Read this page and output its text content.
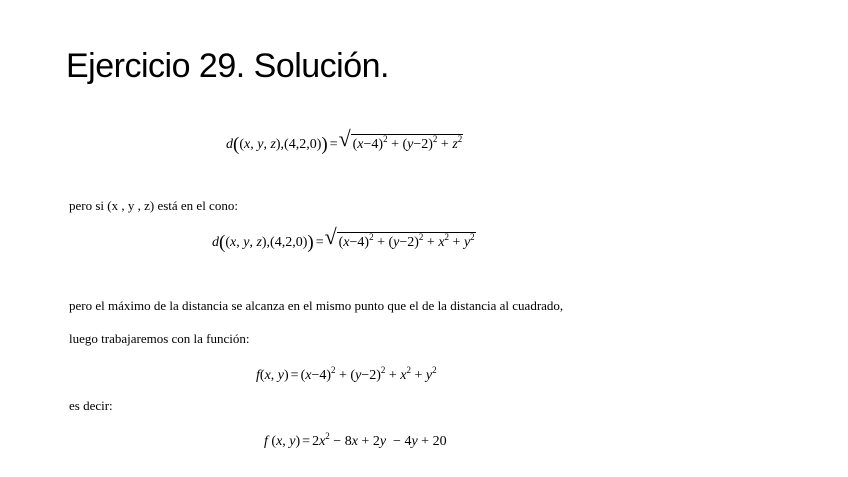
Ejercicio 29. Solución.
d((x, y, z),(4,2,0)) = √ $(x-4)^2 + (y-2)^2 + z^2$
pero si (x , y , z) está en el cono:
d((x, y, z),(4,2,0)) = √ $(x-4)^2 + (y-2)^2 + x^2 + y^2$
pero el máximo de la distancia se alcanza en el mismo punto que el de la distancia al cuadrado,
luego trabajaremos con la función:
f(x, $y) = (x-4)^2 + (y-2)^2 + x^2 + y^2$
es decir:
f (x, $y) = 2x^2 - 8x + 2y - 4y + 20$
